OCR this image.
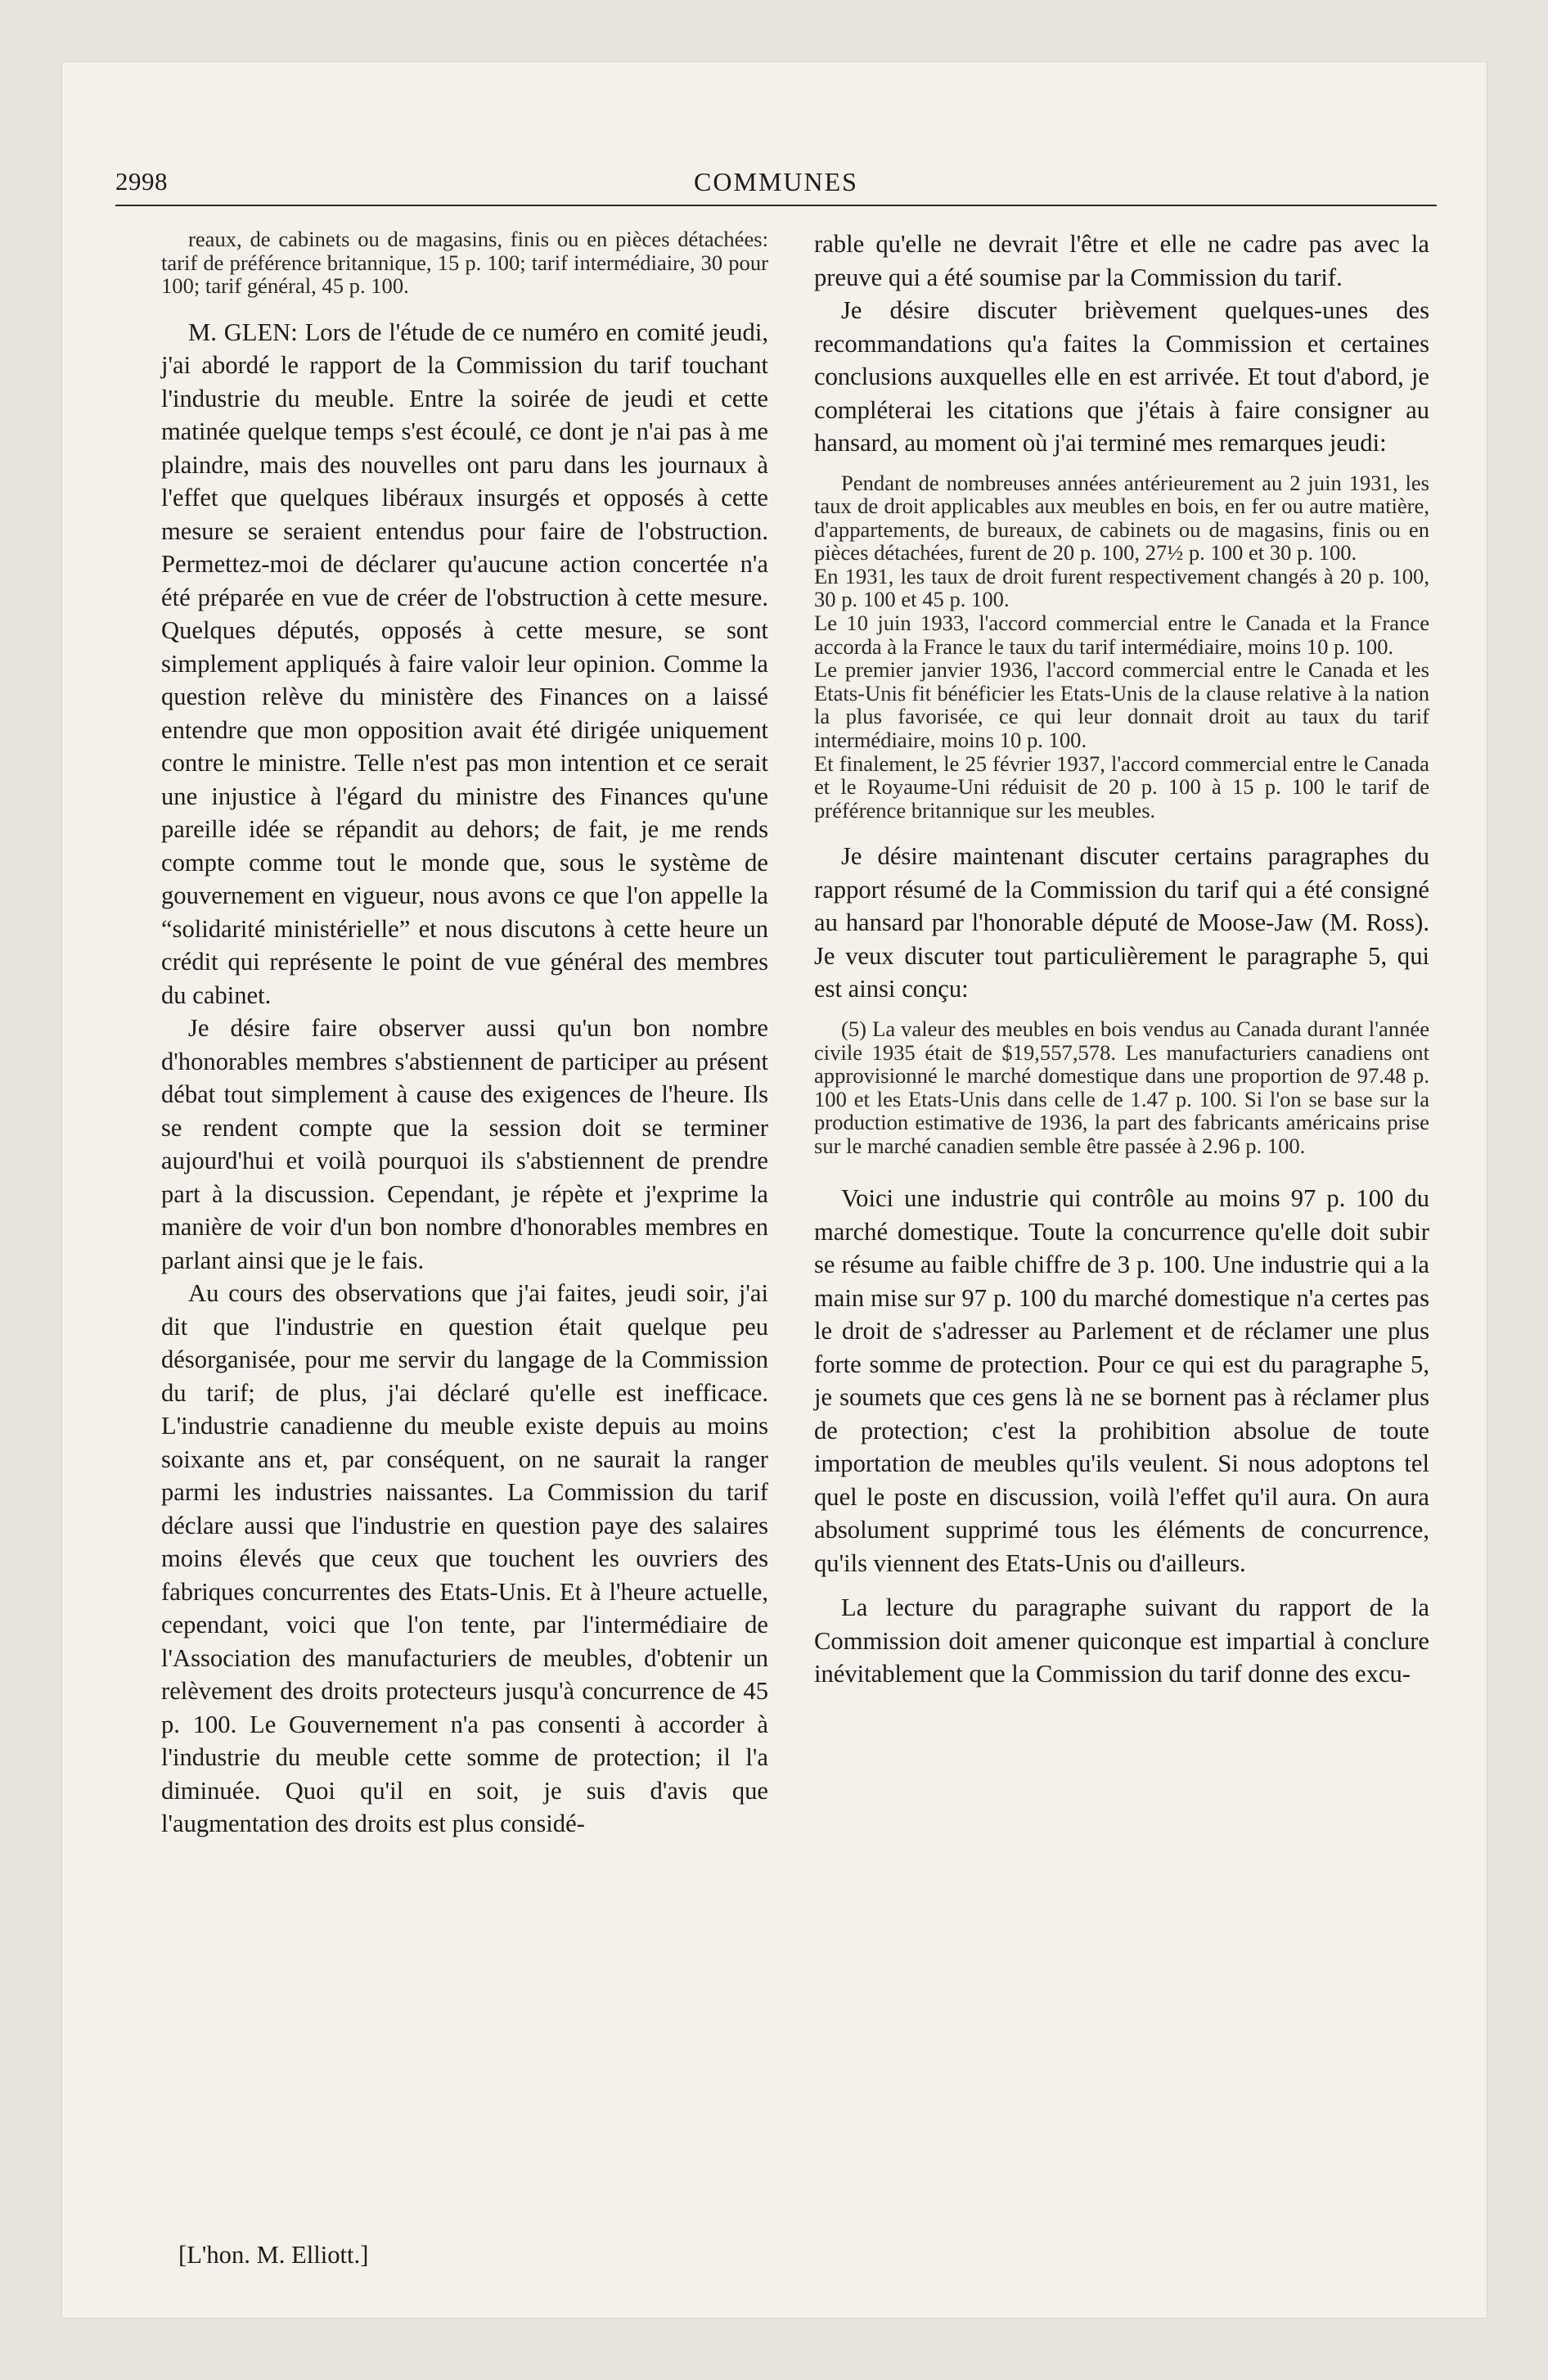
2998	COMMUNES

reaux, de cabinets ou de magasins, finis ou en pièces détachées: tarif de préférence britannique, 15 p. 100; tarif intermédiaire, 30 pour 100; tarif général, 45 p. 100.

M. GLEN: Lors de l'étude de ce numéro en comité jeudi, j'ai abordé le rapport de la Commission du tarif touchant l'industrie du meuble. Entre la soirée de jeudi et cette matinée quelque temps s'est écoulé, ce dont je n'ai pas à me plaindre, mais des nouvelles ont paru dans les journaux à l'effet que quelques libéraux insurgés et opposés à cette mesure se seraient entendus pour faire de l'obstruction. Permettez-moi de déclarer qu'aucune action concertée n'a été préparée en vue de créer de l'obstruction à cette mesure. Quelques députés, opposés à cette mesure, se sont simplement appliqués à faire valoir leur opinion. Comme la question relève du ministère des Finances on a laissé entendre que mon opposition avait été dirigée uniquement contre le ministre. Telle n'est pas mon intention et ce serait une injustice à l'égard du ministre des Finances qu'une pareille idée se répandit au dehors; de fait, je me rends compte comme tout le monde que, sous le système de gouvernement en vigueur, nous avons ce que l'on appelle la “solidarité ministérielle” et nous discutons à cette heure un crédit qui représente le point de vue général des membres du cabinet.

Je désire faire observer aussi qu'un bon nombre d'honorables membres s'abstiennent de participer au présent débat tout simplement à cause des exigences de l'heure. Ils se rendent compte que la session doit se terminer aujourd'hui et voilà pourquoi ils s'abstiennent de prendre part à la discussion. Cependant, je répète et j'exprime la manière de voir d'un bon nombre d'honorables membres en parlant ainsi que je le fais.

Au cours des observations que j'ai faites, jeudi soir, j'ai dit que l'industrie en question était quelque peu désorganisée, pour me servir du langage de la Commission du tarif; de plus, j'ai déclaré qu'elle est inefficace. L'industrie canadienne du meuble existe depuis au moins soixante ans et, par conséquent, on ne saurait la ranger parmi les industries naissantes. La Commission du tarif déclare aussi que l'industrie en question paye des salaires moins élevés que ceux que touchent les ouvriers des fabriques concurrentes des Etats-Unis. Et à l'heure actuelle, cependant, voici que l'on tente, par l'intermédiaire de l'Association des manufacturiers de meubles, d'obtenir un relèvement des droits protecteurs jusqu'à concurrence de 45 p. 100. Le Gouvernement n'a pas consenti à accorder à l'industrie du meuble cette somme de protection; il l'a diminuée. Quoi qu'il en soit, je suis d'avis que l'augmentation des droits est plus considé-

rable qu'elle ne devrait l'être et elle ne cadre pas avec la preuve qui a été soumise par la Commission du tarif.

Je désire discuter brièvement quelques-unes des recommandations qu'a faites la Commission et certaines conclusions auxquelles elle en est arrivée. Et tout d'abord, je compléterai les citations que j'étais à faire consigner au hansard, au moment où j'ai terminé mes remarques jeudi:

Pendant de nombreuses années antérieurement au 2 juin 1931, les taux de droit applicables aux meubles en bois, en fer ou autre matière, d'appartements, de bureaux, de cabinets ou de magasins, finis ou en pièces détachées, furent de 20 p. 100, 27½ p. 100 et 30 p. 100.

En 1931, les taux de droit furent respectivement changés à 20 p. 100, 30 p. 100 et 45 p. 100.

Le 10 juin 1933, l'accord commercial entre le Canada et la France accorda à la France le taux du tarif intermédiaire, moins 10 p. 100.

Le premier janvier 1936, l'accord commercial entre le Canada et les Etats-Unis fit bénéficier les Etats-Unis de la clause relative à la nation la plus favorisée, ce qui leur donnait droit au taux du tarif intermédiaire, moins 10 p. 100.

Et finalement, le 25 février 1937, l'accord commercial entre le Canada et le Royaume-Uni réduisit de 20 p. 100 à 15 p. 100 le tarif de préférence britannique sur les meubles.

Je désire maintenant discuter certains paragraphes du rapport résumé de la Commission du tarif qui a été consigné au hansard par l'honorable député de Moose-Jaw (M. Ross). Je veux discuter tout particulièrement le paragraphe 5, qui est ainsi conçu:

(5) La valeur des meubles en bois vendus au Canada durant l'année civile 1935 était de $19,557,578. Les manufacturiers canadiens ont approvisionné le marché domestique dans une proportion de 97.48 p. 100 et les Etats-Unis dans celle de 1.47 p. 100. Si l'on se base sur la production estimative de 1936, la part des fabricants américains prise sur le marché canadien semble être passée à 2.96 p. 100.

Voici une industrie qui contrôle au moins 97 p. 100 du marché domestique. Toute la concurrence qu'elle doit subir se résume au faible chiffre de 3 p. 100. Une industrie qui a la main mise sur 97 p. 100 du marché domestique n'a certes pas le droit de s'adresser au Parlement et de réclamer une plus forte somme de protection. Pour ce qui est du paragraphe 5, je soumets que ces gens là ne se bornent pas à réclamer plus de protection; c'est la prohibition absolue de toute importation de meubles qu'ils veulent. Si nous adoptons tel quel le poste en discussion, voilà l'effet qu'il aura. On aura absolument supprimé tous les éléments de concurrence, qu'ils viennent des Etats-Unis ou d'ailleurs.

La lecture du paragraphe suivant du rapport de la Commission doit amener quiconque est impartial à conclure inévitablement que la Commission du tarif donne des excu-

[L'hon. M. Elliott.]
